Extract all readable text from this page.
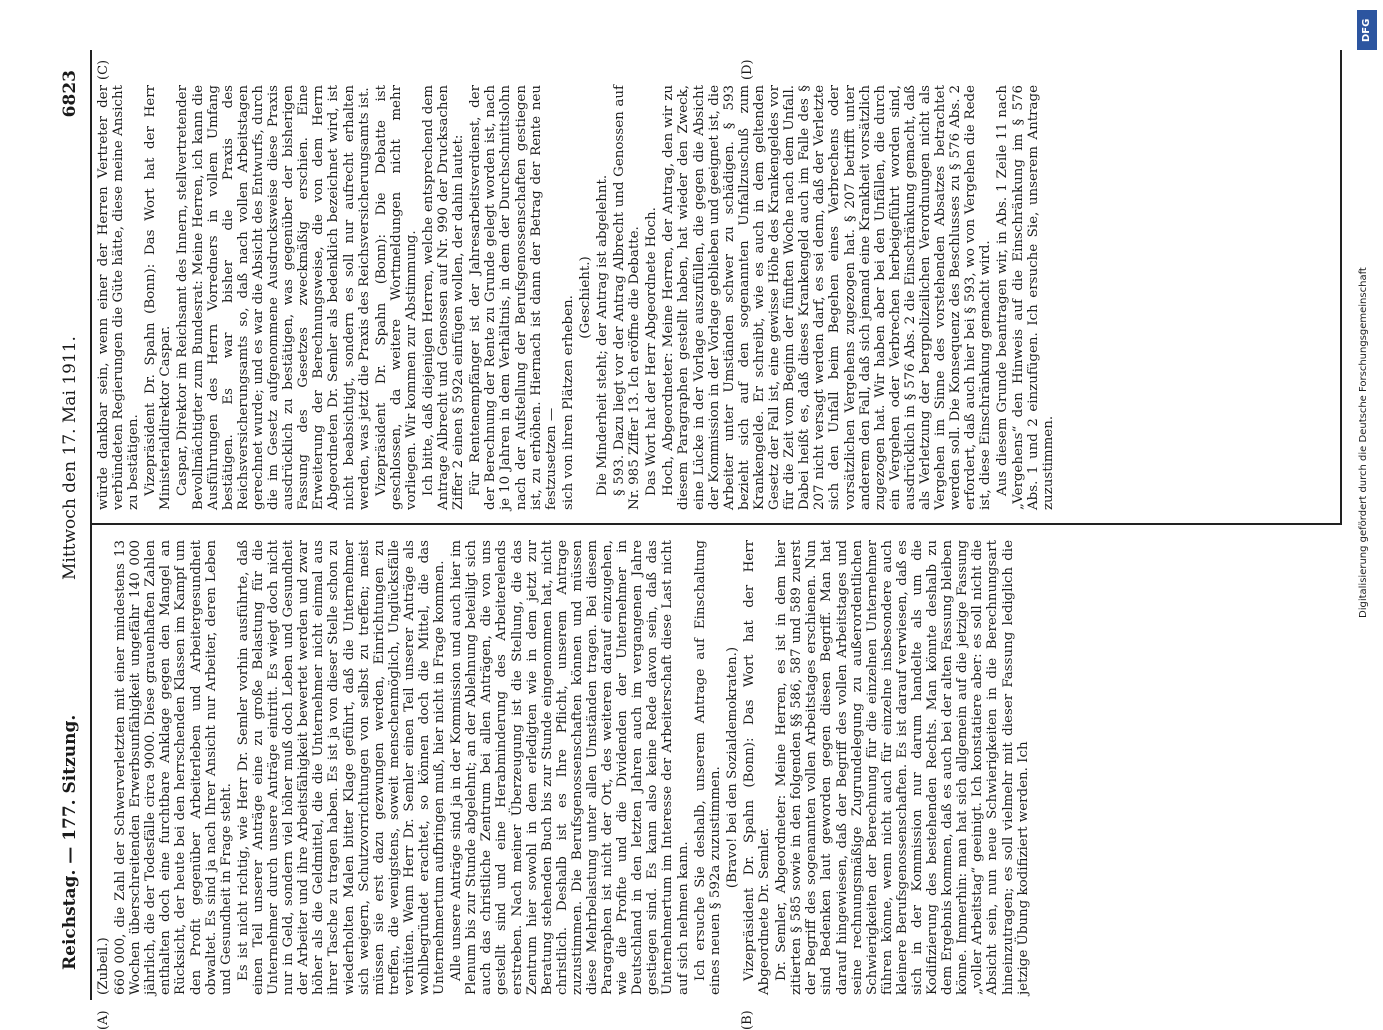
Reichstag. — 177. Sitzung.
Mittwoch den 17. Mai 1911.
6823
(A)	(B)
(C)	(D)

(Zubeil.) 660 000, die Zahl der Schwerverletzten mit einer mindestens 13 Wochen überschreitenden Erwerbsunfähigkeit ungefähr 140 000 jährlich, die der Todesfälle circa 9000. Diese grauenhaften Zahlen enthalten doch eine furchtbare Anklage gegen den Mangel an Rücksicht, der heute bei den herrschenden Klassen im Kampf um den Profit gegenüber Arbeiterleben und Arbeitergesundheit obwaltet. Es sind ja nach Ihrer Ansicht nur Arbeiter, deren Leben und Gesundheit in Frage steht. Es ist nicht richtig, wie Herr Dr. Semler vorhin ausführte, daß einen Teil unserer Anträge eine zu große Belastung für die Unternehmer durch unsere Anträge eintritt. Es wiegt doch nicht nur in Geld, sondern viel höher muß doch Leben und Gesundheit der Arbeiter und ihre Arbeitsfähigkeit bewertet werden und zwar höher als die Geldmittel, die die Unternehmer nicht einmal aus ihrer Tasche zu tragen haben. Es ist ja von dieser Stelle schon zu wiederholten Malen bitter Klage geführt, daß die Unternehmer sich weigern, Schutzvorrichtungen von selbst zu treffen; meist müssen sie erst dazu gezwungen werden, Einrichtungen zu treffen, die wenigstens, soweit menschenmöglich, Unglücksfälle verhüten. Wenn Herr Dr. Semler einen Teil unserer Anträge als wohlbegründet erachtet, so können doch die Mittel, die das Unternehmertum aufbringen muß, hier nicht in Frage kommen. Alle unsere Anträge sind ja in der Kommission und auch hier im Plenum bis zur Stunde abgelehnt; an der Ablehnung beteiligt sich auch das christliche Zentrum bei allen Anträgen, die von uns gestellt sind und eine Herabminderung des Arbeiterelends erstreben. Nach meiner Überzeugung ist die Stellung, die das Zentrum hier sowohl in dem erledigten wie in dem jetzt zur Beratung stehenden Buch bis zur Stunde eingenommen hat, nicht christlich. Deshalb ist es Ihre Pflicht, unserem Antrage zuzustimmen. Die Berufsgenossenschaften können und müssen diese Mehrbelastung unter allen Umständen tragen. Bei diesem Paragraphen ist nicht der Ort, des weiteren darauf einzugehen, wie die Profite und die Dividenden der Unternehmer in Deutschland in den letzten Jahren auch im vergangenen Jahre gestiegen sind. Es kann also keine Rede davon sein, daß das Unternehmertum im Interesse der Arbeiterschaft diese Last nicht auf sich nehmen kann. Ich ersuche Sie deshalb, unserem Antrage auf Einschaltung eines neuen § 592a zuzustimmen. (Bravo! bei den Sozialdemokraten.) Vizepräsident Dr. Spahn (Bonn): Das Wort hat der Herr Abgeordnete Dr. Semler. Dr. Semler, Abgeordneter: Meine Herren, es ist in dem hier zitierten § 585 sowie in den folgenden §§ 586, 587 und 589 zuerst der Begriff des sogenannten vollen Arbeitstages erschienen. Nun sind Bedenken laut geworden gegen diesen Begriff. Man hat darauf hingewiesen, daß der Begriff des vollen Arbeitstages und seine rechnungsmäßige Zugrundelegung zu außerordentlichen Schwierigkeiten der Berechnung für die einzelnen Unternehmer führen könne, wenn nicht auch für einzelne insbesondere auch kleinere Berufsgenossenschaften. Es ist darauf verwiesen, daß es sich in der Kommission nur darum handelte als um die Kodifizierung des bestehenden Rechts. Man könnte deshalb zu dem Ergebnis kommen, daß es auch bei der alten Fassung bleiben könne. Immerhin: man hat sich allgemein auf die jetzige Fassung „voller Arbeitstag“ geeinigt. Ich konstatiere aber: es soll nicht die Absicht sein, nun neue Schwierigkeiten in die Berechnungsart hineinzutragen; es soll vielmehr mit dieser Fassung lediglich die jetzige Übung kodifiziert werden. Ich

würde dankbar sein, wenn einer der Herren Vertreter der verbündeten Regierungen die Güte hätte, diese meine Ansicht zu bestätigen. Vizepräsident Dr. Spahn (Bonn): Das Wort hat der Herr Ministerialdirektor Caspar. Caspar, Direktor im Reichsamt des Innern, stellvertretender Bevollmächtigter zum Bundesrat: Meine Herren, ich kann die Ausführungen des Herrn Vorredners in vollem Umfang bestätigen. Es war bisher die Praxis des Reichsversicherungsamts so, daß nach vollen Arbeitstagen gerechnet wurde; und es war die Absicht des Entwurfs, durch die im Gesetz aufgenommene Ausdrucksweise diese Praxis ausdrücklich zu bestätigen, was gegenüber der bisherigen Fassung des Gesetzes zweckmäßig erschien. Eine Erweiterung der Berechnungsweise, die von dem Herrn Abgeordneten Dr. Semler als bedenklich bezeichnet wird, ist nicht beabsichtigt, sondern es soll nur aufrecht erhalten werden, was jetzt die Praxis des Reichsversicherungsamts ist. Vizepräsident Dr. Spahn (Bonn): Die Debatte ist geschlossen, da weitere Wortmeldungen nicht mehr vorliegen. Wir kommen zur Abstimmung. Ich bitte, daß diejenigen Herren, welche entsprechend dem Antrage Albrecht und Genossen auf Nr. 990 der Drucksachen Ziffer 2 einen § 592a einfügen wollen, der dahin lautet: Für Rentenempfänger ist der Jahresarbeitsverdienst, der der Berechnung der Rente zu Grunde gelegt worden ist, nach je 10 Jahren in dem Verhältnis, in dem der Durchschnittslohn nach der Aufstellung der Berufsgenossenschaften gestiegen ist, zu erhöhen. Hiernach ist dann der Betrag der Rente neu festzusetzen — sich von ihren Plätzen erheben. (Geschieht.) Die Minderheit steht; der Antrag ist abgelehnt. § 593. Dazu liegt vor der Antrag Albrecht und Genossen auf Nr. 985 Ziffer 13. Ich eröffne die Debatte. Das Wort hat der Herr Abgeordnete Hoch. Hoch, Abgeordneter: Meine Herren, der Antrag, den wir zu diesem Paragraphen gestellt haben, hat wieder den Zweck, eine Lücke in der Vorlage auszufüllen, die gegen die Absicht der Kommission in der Vorlage geblieben und geeignet ist, die Arbeiter unter Umständen schwer zu schädigen. § 593 bezieht sich auf den sogenannten Unfallzuschuß zum Krankengelde. Er schreibt, wie es auch in dem geltenden Gesetz der Fall ist, eine gewisse Höhe des Krankengeldes vor für die Zeit vom Beginn der fünften Woche nach dem Unfall. Dabei heißt es, daß dieses Krankengeld auch im Falle des § 207 nicht versagt werden darf, es sei denn, daß der Verletzte sich den Unfall beim Begehen eines Verbrechens oder vorsätzlichen Vergehens zugezogen hat. § 207 betrifft unter anderem den Fall, daß sich jemand eine Krankheit vorsätzlich zugezogen hat. Wir haben aber bei den Unfällen, die durch ein Vergehen oder Verbrechen herbeigeführt worden sind, ausdrücklich in § 576 Abs. 2 die Einschränkung gemacht, daß als Verletzung der bergpolizeilichen Verordnungen nicht als Vergehen im Sinne des vorstehenden Absatzes betrachtet werden soll. Die Konsequenz des Beschlusses zu § 576 Abs. 2 erfordert, daß auch hier bei § 593, wo von Vergehen die Rede ist, diese Einschränkung gemacht wird. Aus diesem Grunde beantragen wir, in Abs. 1 Zeile 11 nach „Vergehens“ den Hinweis auf die Einschränkung im § 576 Abs. 1 und 2 einzufügen. Ich ersuche Sie, unserem Antrage zuzustimmen.

DFG
Digitalisierung gefördert durch die Deutsche Forschungsgemeinschaft
